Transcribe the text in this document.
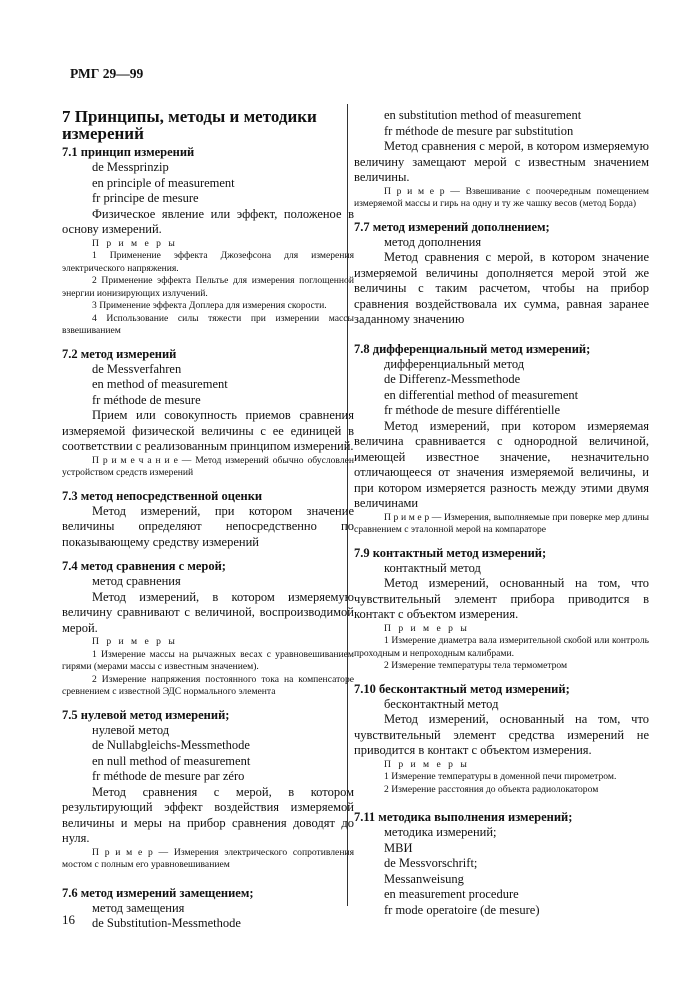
РМГ 29—99
7 Принципы, методы и методики измерений
7.1 принцип измерений
de Messprinzip
en principle of measurement
fr principe de mesure

Физическое явление или эффект, положеное в основу измерений.

П р и м е р ы

1 Применение эффекта Джозефсона для измерения электрического напряжения.

2 Применение эффекта Пельтье для измерения поглощенной энергии ионизирующих излучений.

3 Применение эффекта Доплера для измерения скорости.

4 Использование силы тяжести при измерении массы взвешиванием

7.2 метод измерений
de Messverfahren
en method of measurement
fr méthode de mesure

Прием или совокупность приемов сравнения измеряемой физической величины с ее единицей в соответствии с реализованным принципом измерений.

П р и м е ч а н и е — Метод измерений обычно обусловлен устройством средств измерений

7.3 метод непосредственной оценки

Метод измерений, при котором значение величины определяют непосредственно по показывающему средству измерений

7.4 метод сравнения с мерой;
метод сравнения

Метод измерений, в котором измеряемую величину сравнивают с величиной, воспроизводимой мерой.

П р и м е р ы

1 Измерение массы на рычажных весах с уравновешиванием гирями (мерами массы с известным значением).

2 Измерение напряжения постоянного тока на компенсаторе сревнением с известной ЭДС нормального элемента

7.5 нулевой метод измерений;
нулевой метод
de Nullabgleichs-Messmethode
en null method of measurement
fr méthode de mesure par zéro

Метод сравнения с мерой, в котором результирующий эффект воздействия измеряемой величины и меры на прибор сравнения доводят до нуля.

П р и м е р — Измерения электрического сопротивления мостом с полным его уравновешиванием

7.6 метод измерений замещением;
метод замещения
de Substitution-Messmethode
en substitution method of measurement
fr méthode de mesure par substitution

Метод сравнения с мерой, в котором измеряемую величину замещают мерой с известным значением величины.

П р и м е р — Взвешивание с поочередным помещением измеряемой массы и гирь на одну и ту же чашку весов (метод Борда)

7.7 метод измерений дополнением;
метод дополнения

Метод сравнения с мерой, в котором значение измеряемой величины дополняется мерой этой же величины с таким расчетом, чтобы на прибор сравнения воздействовала их сумма, равная заранее заданному значению

7.8 дифференциальный метод измерений;
дифференциальный метод
de Differenz-Messmethode
en differential method of measurement
fr méthode de mesure différentielle

Метод измерений, при котором измеряемая величина сравнивается с однородной величиной, имеющей известное значение, незначительно отличающееся от значения измеряемой величины, и при котором измеряется разность между этими двумя величинами

П р и м е р — Измерения, выполняемые при поверке мер длины сравнением с эталонной мерой на компараторе

7.9 контактный метод измерений;
контактный метод

Метод измерений, основанный на том, что чувствительный элемент прибора приводится в контакт с объектом измерения.

П р и м е р ы

1 Измерение диаметра вала измерительной скобой или контроль проходным и непроходным калибрами.

2 Измерение температуры тела термометром

7.10 бесконтактный метод измерений;
бесконтактный метод

Метод измерений, основанный на том, что чувствительный элемент средства измерений не приводится в контакт с объектом измерения.

П р и м е р ы

1 Измерение температуры в доменной печи пирометром.

2 Измерение расстояния до объекта радиолокатором

7.11 методика выполнения измерений;
методика измерений;
МВИ
de Messvorschrift;
Messanweisung
en measurement procedure
fr mode operatoire (de mesure)
16
